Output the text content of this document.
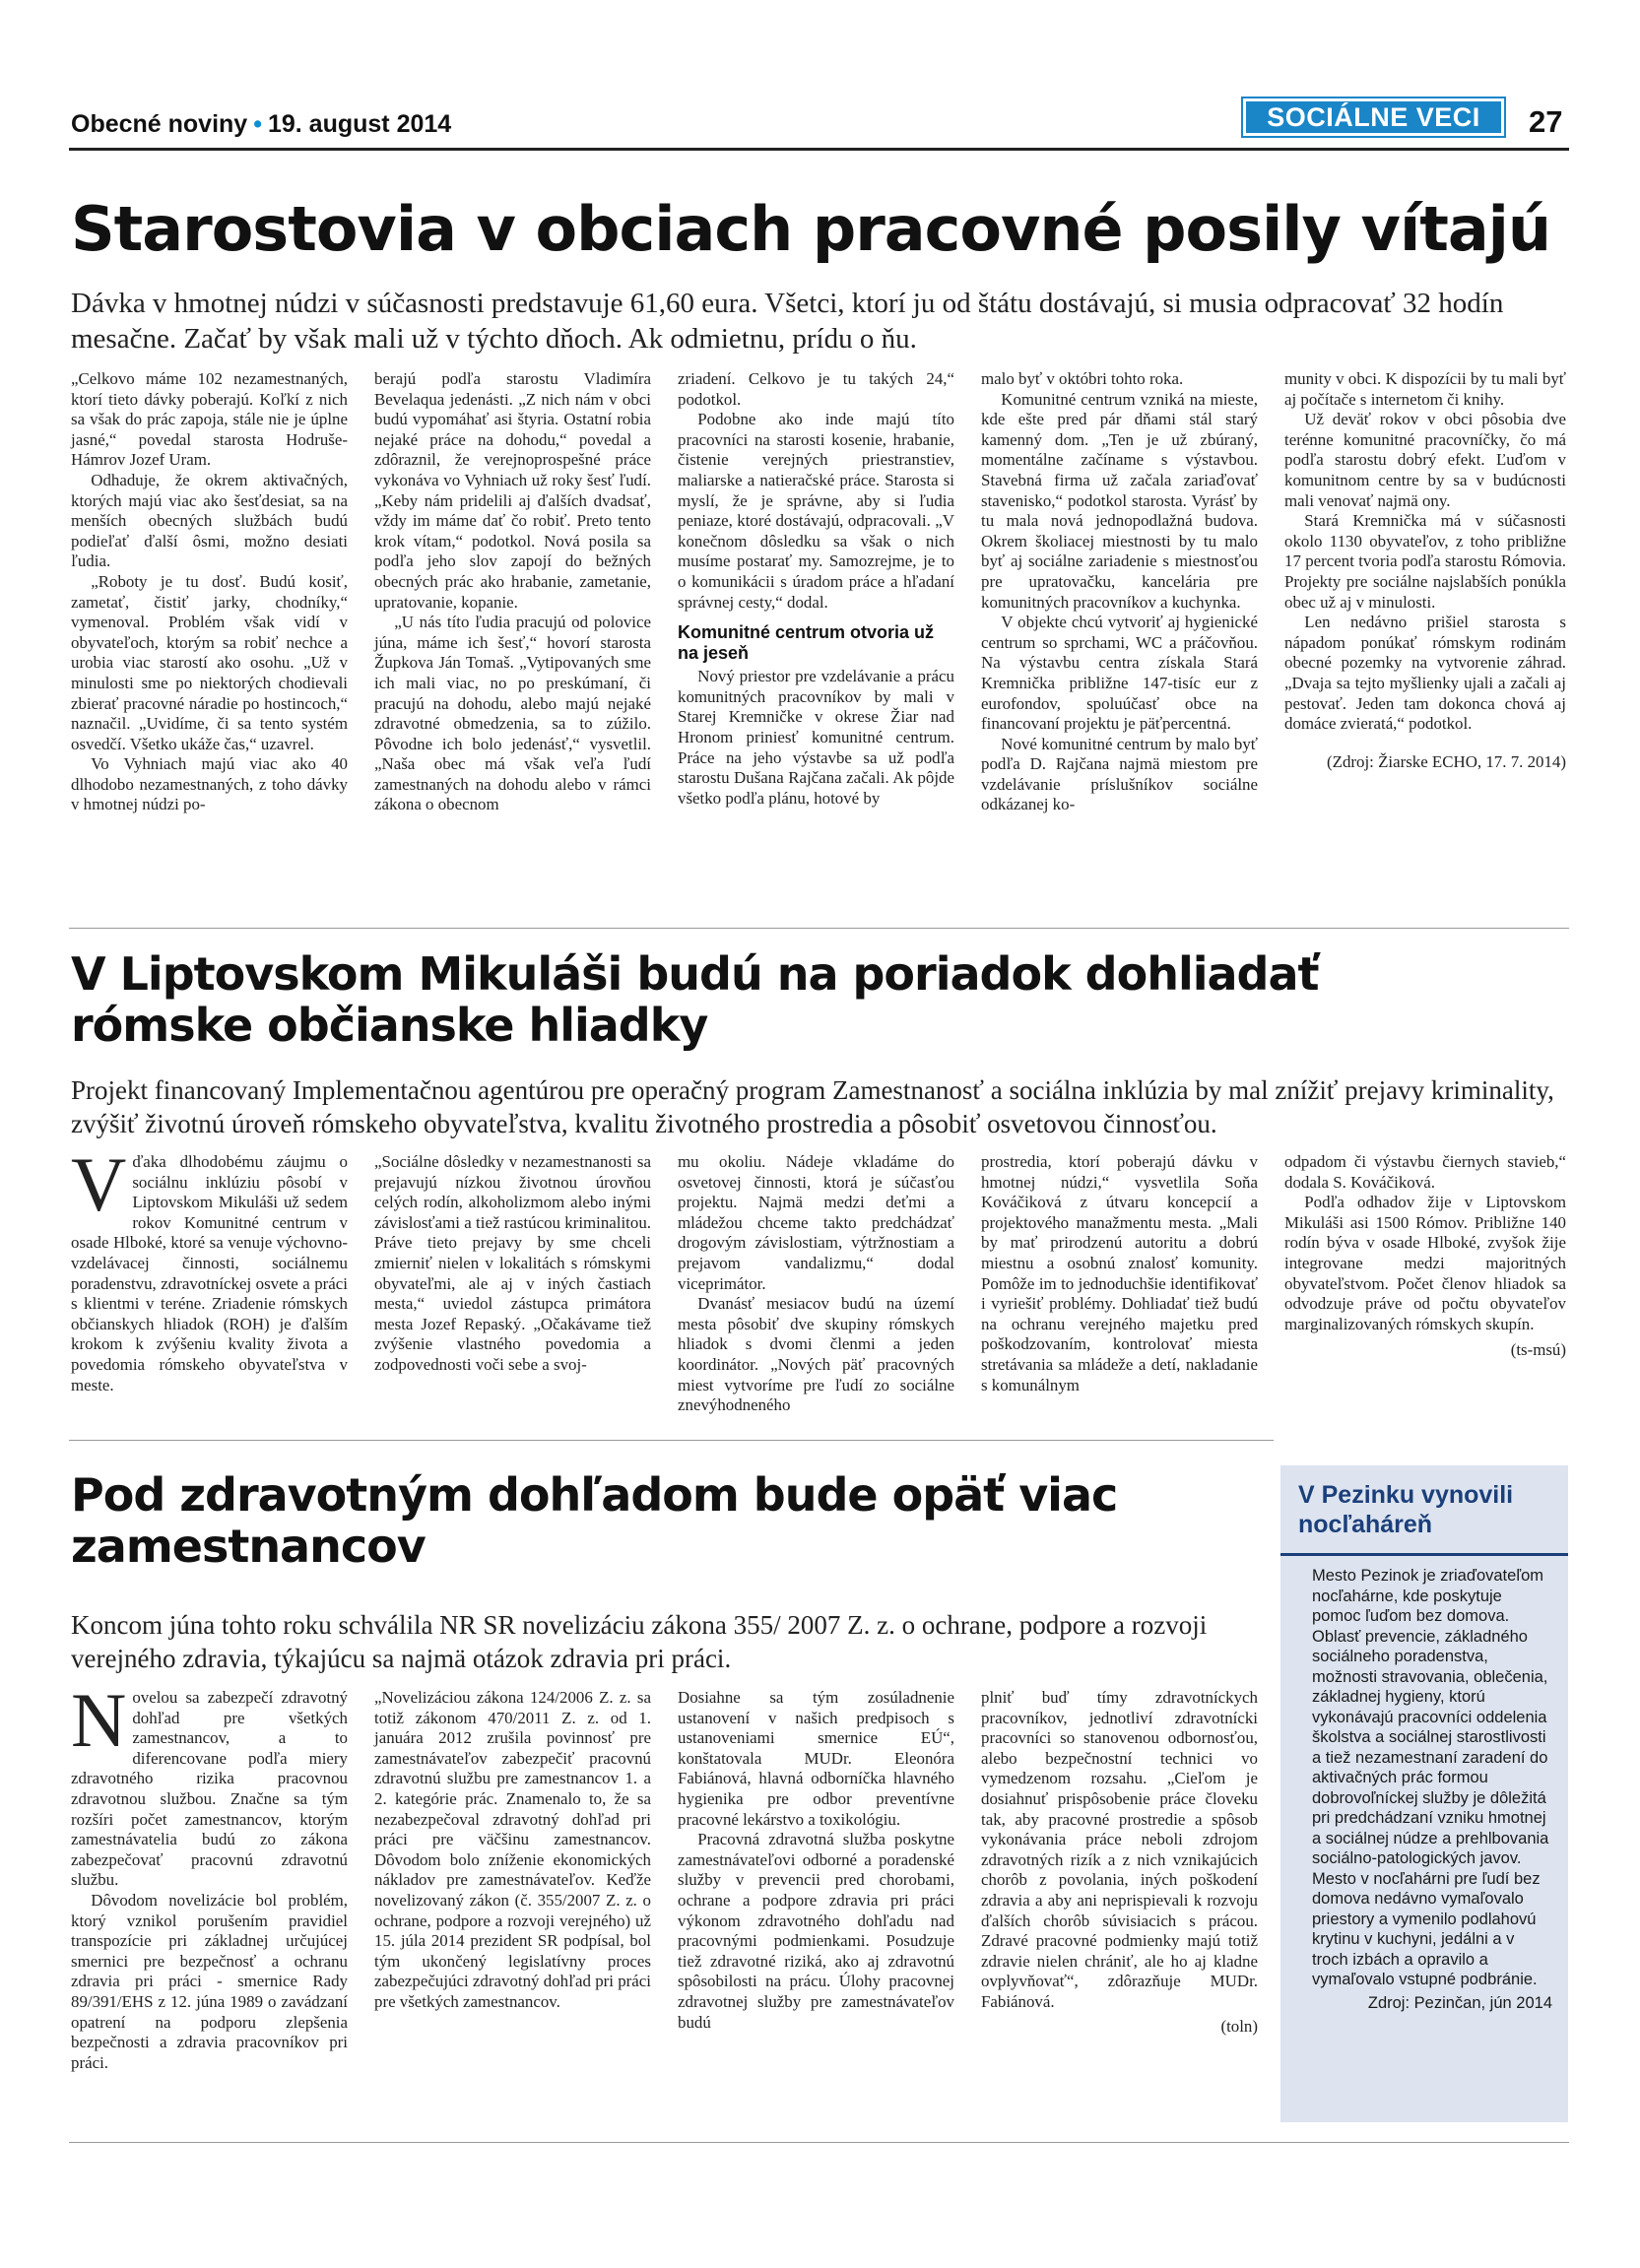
Obecné noviny • 19. august 2014	SOCIÁLNE VECI	27
Starostovia v obciach pracovné posily vítajú
Dávka v hmotnej núdzi v súčasnosti predstavuje 61,60 eura. Všetci, ktorí ju od štátu dostávajú, si musia odpracovať 32 hodín mesačne. Začať by však mali už v týchto dňoch. Ak odmietnu, prídu o ňu.

„Celkovo máme 102 nezamestnaných, ktorí tieto dávky poberajú. Koľkí z nich sa však do prác zapoja, stále nie je úplne jasné,“ povedal starosta Hodruše-Hámrov Jozef Uram.

Odhaduje, že okrem aktivačných, ktorých majú viac ako šesťdesiat, sa na menších obecných službách budú podieľať ďalší ôsmi, možno desiati ľudia.

„Roboty je tu dosť. Budú kosiť, zametať, čistiť jarky, chodníky,“ vymenoval. Problém však vidí v obyvateľoch, ktorým sa robiť nechce a urobia viac starostí ako osohu. „Už v minulosti sme po niektorých chodievali zbierať pracovné náradie po hostincoch,“ naznačil. „Uvidíme, či sa tento systém osvedčí. Všetko ukáže čas,“ uzavrel.

Vo Vyhniach majú viac ako 40 dlhodobo nezamestnaných, z toho dávky v hmotnej núdzi po-

berajú podľa starostu Vladimíra Bevelaqua jedenásti. „Z nich nám v obci budú vypomáhať asi štyria. Ostatní robia nejaké práce na dohodu,“ povedal a zdôraznil, že verejnoprospešné práce vykonáva vo Vyhniach už roky šesť ľudí. „Keby nám pridelili aj ďalších dvadsať, vždy im máme dať čo robiť. Preto tento krok vítam,“ podotkol. Nová posila sa podľa jeho slov zapojí do bežných obecných prác ako hrabanie, zametanie, upratovanie, kopanie.

„U nás títo ľudia pracujú od polovice júna, máme ich šesť,“ hovorí starosta Župkova Ján Tomaš. „Vytipovaných sme ich mali viac, no po preskúmaní, či pracujú na dohodu, alebo majú nejaké zdravotné obmedzenia, sa to zúžilo. Pôvodne ich bolo jedenásť,“ vysvetlil. „Naša obec má však veľa ľudí zamestnaných na dohodu alebo v rámci zákona o obecnom

zriadení. Celkovo je tu takých 24,“ podotkol.

Podobne ako inde majú títo pracovníci na starosti kosenie, hrabanie, čistenie verejných priestranstiev, maliarske a natieračské práce. Starosta si myslí, že je správne, aby si ľudia peniaze, ktoré dostávajú, odpracovali. „V konečnom dôsledku sa však o nich musíme postarať my. Samozrejme, je to o komunikácii s úradom práce a hľadaní správnej cesty,“ dodal.

Komunitné centrum otvoria už na jeseň

Nový priestor pre vzdelávanie a prácu komunitných pracovníkov by mali v Starej Kremničke v okrese Žiar nad Hronom priniesť komunitné centrum. Práce na jeho výstavbe sa už podľa starostu Dušana Rajčana začali. Ak pôjde všetko podľa plánu, hotové by

malo byť v októbri tohto roka.

Komunitné centrum vzniká na mieste, kde ešte pred pár dňami stál starý kamenný dom. „Ten je už zbúraný, momentálne začíname s výstavbou. Stavebná firma už začala zariaďovať stavenisko,“ podotkol starosta. Vyrásť by tu mala nová jednopodlažná budova. Okrem školiacej miestnosti by tu malo byť aj sociálne zariadenie s miestnosťou pre upratovačku, kancelária pre komunitných pracovníkov a kuchynka.

V objekte chcú vytvoriť aj hygienické centrum so sprchami, WC a práčovňou. Na výstavbu centra získala Stará Kremnička približne 147-tisíc eur z eurofondov, spoluúčasť obce na financovaní projektu je päťpercentná.

Nové komunitné centrum by malo byť podľa D. Rajčana najmä miestom pre vzdelávanie príslušníkov sociálne odkázanej ko-

munity v obci. K dispozícii by tu mali byť aj počítače s internetom či knihy.

Už deväť rokov v obci pôsobia dve terénne komunitné pracovníčky, čo má podľa starostu dobrý efekt. Ľuďom v komunitnom centre by sa v budúcnosti mali venovať najmä ony.

Stará Kremnička má v súčasnosti okolo 1130 obyvateľov, z toho približne 17 percent tvoria podľa starostu Rómovia. Projekty pre sociálne najslabších ponúkla obec už aj v minulosti.

Len nedávno prišiel starosta s nápadom ponúkať rómskym rodinám obecné pozemky na vytvorenie záhrad. „Dvaja sa tejto myšlienky ujali a začali aj pestovať. Jeden tam dokonca chová aj domáce zvieratá,“ podotkol.

(Zdroj: Žiarske ECHO, 17. 7. 2014)

V Liptovskom Mikuláši budú na poriadok dohliadať
rómske občianske hliadky
Projekt financovaný Implementačnou agentúrou pre operačný program Zamestnanosť a sociálna inklúzia by mal znížiť prejavy kriminality, zvýšiť životnú úroveň rómskeho obyvateľstva, kvalitu životného prostredia a pôsobiť osvetovou činnosťou.
V ďaka dlhodobému záujmu o sociálnu inklúziu pôsobí v Liptovskom Mikuláši už sedem rokov Komunitné centrum v osade Hlboké, ktoré sa venuje výchovno-vzdelávacej činnosti, sociálnemu poradenstvu, zdravotníckej osvete a práci s klientmi v teréne. Zriadenie rómskych občianskych hliadok (ROH) je ďalším krokom k zvýšeniu kvality života a povedomia rómskeho obyvateľstva v meste.

„Sociálne dôsledky v nezamestnanosti sa prejavujú nízkou životnou úrovňou celých rodín, alkoholizmom alebo inými závislosťami a tiež rastúcou kriminalitou. Práve tieto prejavy by sme chceli zmierniť nielen v lokalitách s rómskymi obyvateľmi, ale aj v iných častiach mesta,“ uviedol zástupca primátora mesta Jozef Repaský. „Očakávame tiež zvýšenie vlastného povedomia a zodpovednosti voči sebe a svoj-

mu okoliu. Nádeje vkladáme do osvetovej činnosti, ktorá je súčasťou projektu. Najmä medzi deťmi a mládežou chceme takto predchádzať drogovým závislostiam, výtržnostiam a prejavom vandalizmu,“ dodal viceprimátor.

Dvanásť mesiacov budú na území mesta pôsobiť dve skupiny rómskych hliadok s dvomi členmi a jeden koordinátor. „Nových päť pracovných miest vytvoríme pre ľudí zo sociálne znevýhodneného

prostredia, ktorí poberajú dávku v hmotnej núdzi,“ vysvetlila Soňa Kováčiková z útvaru koncepcií a projektového manažmentu mesta. „Mali by mať prirodzenú autoritu a dobrú miestnu a osobnú znalosť komunity. Pomôže im to jednoduchšie identifikovať i vyriešiť problémy. Dohliadať tiež budú na ochranu verejného majetku pred poškodzovaním, kontrolovať miesta stretávania sa mládeže a detí, nakladanie s komunálnym

odpadom či výstavbu čiernych stavieb,“ dodala S. Kováčiková.

Podľa odhadov žije v Liptovskom Mikuláši asi 1500 Rómov. Približne 140 rodín býva v osade Hlboké, zvyšok žije integrovane medzi majoritných obyvateľstvom. Počet členov hliadok sa odvodzuje práve od počtu obyvateľov marginalizovaných rómskych skupín.

(ts-msú)

Pod zdravotným dohľadom bude opäť viac
zamestnancov
Koncom júna tohto roku schválila NR SR novelizáciu zákona 355/ 2007 Z. z. o ochrane, podpore a rozvoji verejného zdravia, týkajúcu sa najmä otázok zdravia pri práci.
N ovelou sa zabezpečí zdravotný dohľad pre všetkých zamestnancov, a to diferencovane podľa miery zdravotného rizika pracovnou zdravotnou službou. Značne sa tým rozšíri počet zamestnancov, ktorým zamestnávatelia budú zo zákona zabezpečovať pracovnú zdravotnú službu.

Dôvodom novelizácie bol problém, ktorý vznikol porušením pravidiel transpozície pri základnej určujúcej smernici pre bezpečnosť a ochranu zdravia pri práci - smernice Rady 89/391/EHS z 12. júna 1989 o zavádzaní opatrení na podporu zlepšenia bezpečnosti a zdravia pracovníkov pri práci.

„Novelizáciou zákona 124/2006 Z. z. sa totiž zákonom 470/2011 Z. z. od 1. januára 2012 zrušila povinnosť pre zamestnávateľov zabezpečiť pracovnú zdravotnú službu pre zamestnancov 1. a 2. kategórie prác. Znamenalo to, že sa nezabezpečoval zdravotný dohľad pri práci pre väčšinu zamestnancov. Dôvodom bolo zníženie ekonomických nákladov pre zamestnávateľov. Keďže novelizovaný zákon (č. 355/2007 Z. z. o ochrane, podpore a rozvoji verejného) už 15. júla 2014 prezident SR podpísal, bol tým ukončený legislatívny proces zabezpečujúci zdravotný dohľad pri práci pre všetkých zamestnancov.

Dosiahne sa tým zosúladnenie ustanovení v našich predpisoch s ustanoveniami smernice EÚ“, konštatovala MUDr. Eleonóra Fabiánová, hlavná odborníčka hlavného hygienika pre odbor preventívne pracovné lekárstvo a toxikológiu.

Pracovná zdravotná služba poskytne zamestnávateľovi odborné a poradenské služby v prevencii pred chorobami, ochrane a podpore zdravia pri práci výkonom zdravotného dohľadu nad pracovnými podmienkami. Posudzuje tiež zdravotné riziká, ako aj zdravotnú spôsobilosti na prácu. Úlohy pracovnej zdravotnej služby pre zamestnávateľov budú

plniť buď tímy zdravotníckych pracovníkov, jednotliví zdravotnícki pracovníci so stanovenou odbornosťou, alebo bezpečnostní technici vo vymedzenom rozsahu. „Cieľom je dosiahnuť prispôsobenie práce človeku tak, aby pracovné prostredie a spôsob vykonávania práce neboli zdrojom zdravotných rizík a z nich vznikajúcich chorôb z povolania, iných poškodení zdravia a aby ani neprispievali k rozvoju ďalších chorôb súvisiacich s prácou. Zdravé pracovné podmienky majú totiž zdravie nielen chrániť, ale ho aj kladne ovplyvňovať“, zdôrazňuje MUDr. Fabiánová.

(toln)

V Pezinku vynovili nocľaháreň
Mesto Pezinok je zriaďovateľom nocľahárne, kde poskytuje pomoc ľuďom bez domova. Oblasť prevencie, základného sociálneho poradenstva, možnosti stravovania, oblečenia, základnej hygieny, ktorú vykonávajú pracovníci oddelenia školstva a sociálnej starostlivosti a tiež nezamestnaní zaradení do aktivačných prác formou dobrovoľníckej služby je dôležitá pri predchádzaní vzniku hmotnej a sociálnej núdze a prehlbovania sociálno-patologických javov. Mesto v nocľahárni pre ľudí bez domova nedávno vymaľovalo priestory a vymenilo podlahovú krytinu v kuchyni, jedálni a v troch izbách a opravilo a vymaľovalo vstupné podbránie.
Zdroj: Pezinčan, jún 2014
